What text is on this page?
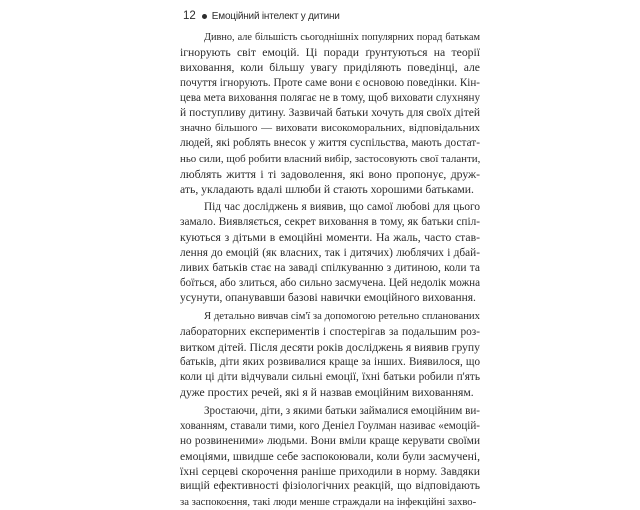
12 Емоційний інтелект у дитини
Дивно, але більшість сьогоднішніх популярних порад батькам
ігнорують світ емоцій. Ці поради ґрунтуються на теорії
виховання, коли більшу увагу приділяють поведінці, але
почуття ігнорують. Проте саме вони є основою поведінки. Кін-
цева мета виховання полягає не в тому, щоб виховати слухняну
й поступливу дитину. Зазвичай батьки хочуть для своїх дітей
значно більшого — виховати високоморальних, відповідальних
людей, які роблять внесок у життя суспільства, мають достат-
ньо сили, щоб робити власний вибір, застосовують свої таланти,
люблять життя і ті задоволення, які воно пропонує, друж-
ать, укладають вдалі шлюби й стають хорошими батьками.
Під час досліджень я виявив, що самої любові для цього
замало. Виявляється, секрет виховання в тому, як батьки спіл-
куються з дітьми в емоційні моменти. На жаль, часто став-
лення до емоцій (як власних, так і дитячих) люблячих і дбай-
ливих батьків стає на заваді спілкуванню з дитиною, коли та
боїться, або злиться, або сильно засмучена. Цей недолік можна
усунути, опанувавши базові навички емоційного виховання.
Я детально вивчав сім'ї за допомогою ретельно спланованих
лабораторних експериментів і спостерігав за подальшим роз-
витком дітей. Після десяти років досліджень я виявив групу
батьків, діти яких розвивалися краще за інших. Виявилося, що
коли ці діти відчували сильні емоції, їхні батьки робили п'ять
дуже простих речей, які я й назвав емоційним вихованням.
Зростаючи, діти, з якими батьки займалися емоційним ви-
хованням, ставали тими, кого Деніел Гоулман називає «емоцій-
но розвиненими» людьми. Вони вміли краще керувати своїми
емоціями, швидше себе заспокоювали, коли були засмучені,
їхні серцеві скорочення раніше приходили в норму. Завдяки
вищій ефективності фізіологічних реакцій, що відповідають
за заспокоєння, такі люди менше страждали на інфекційні захво-
